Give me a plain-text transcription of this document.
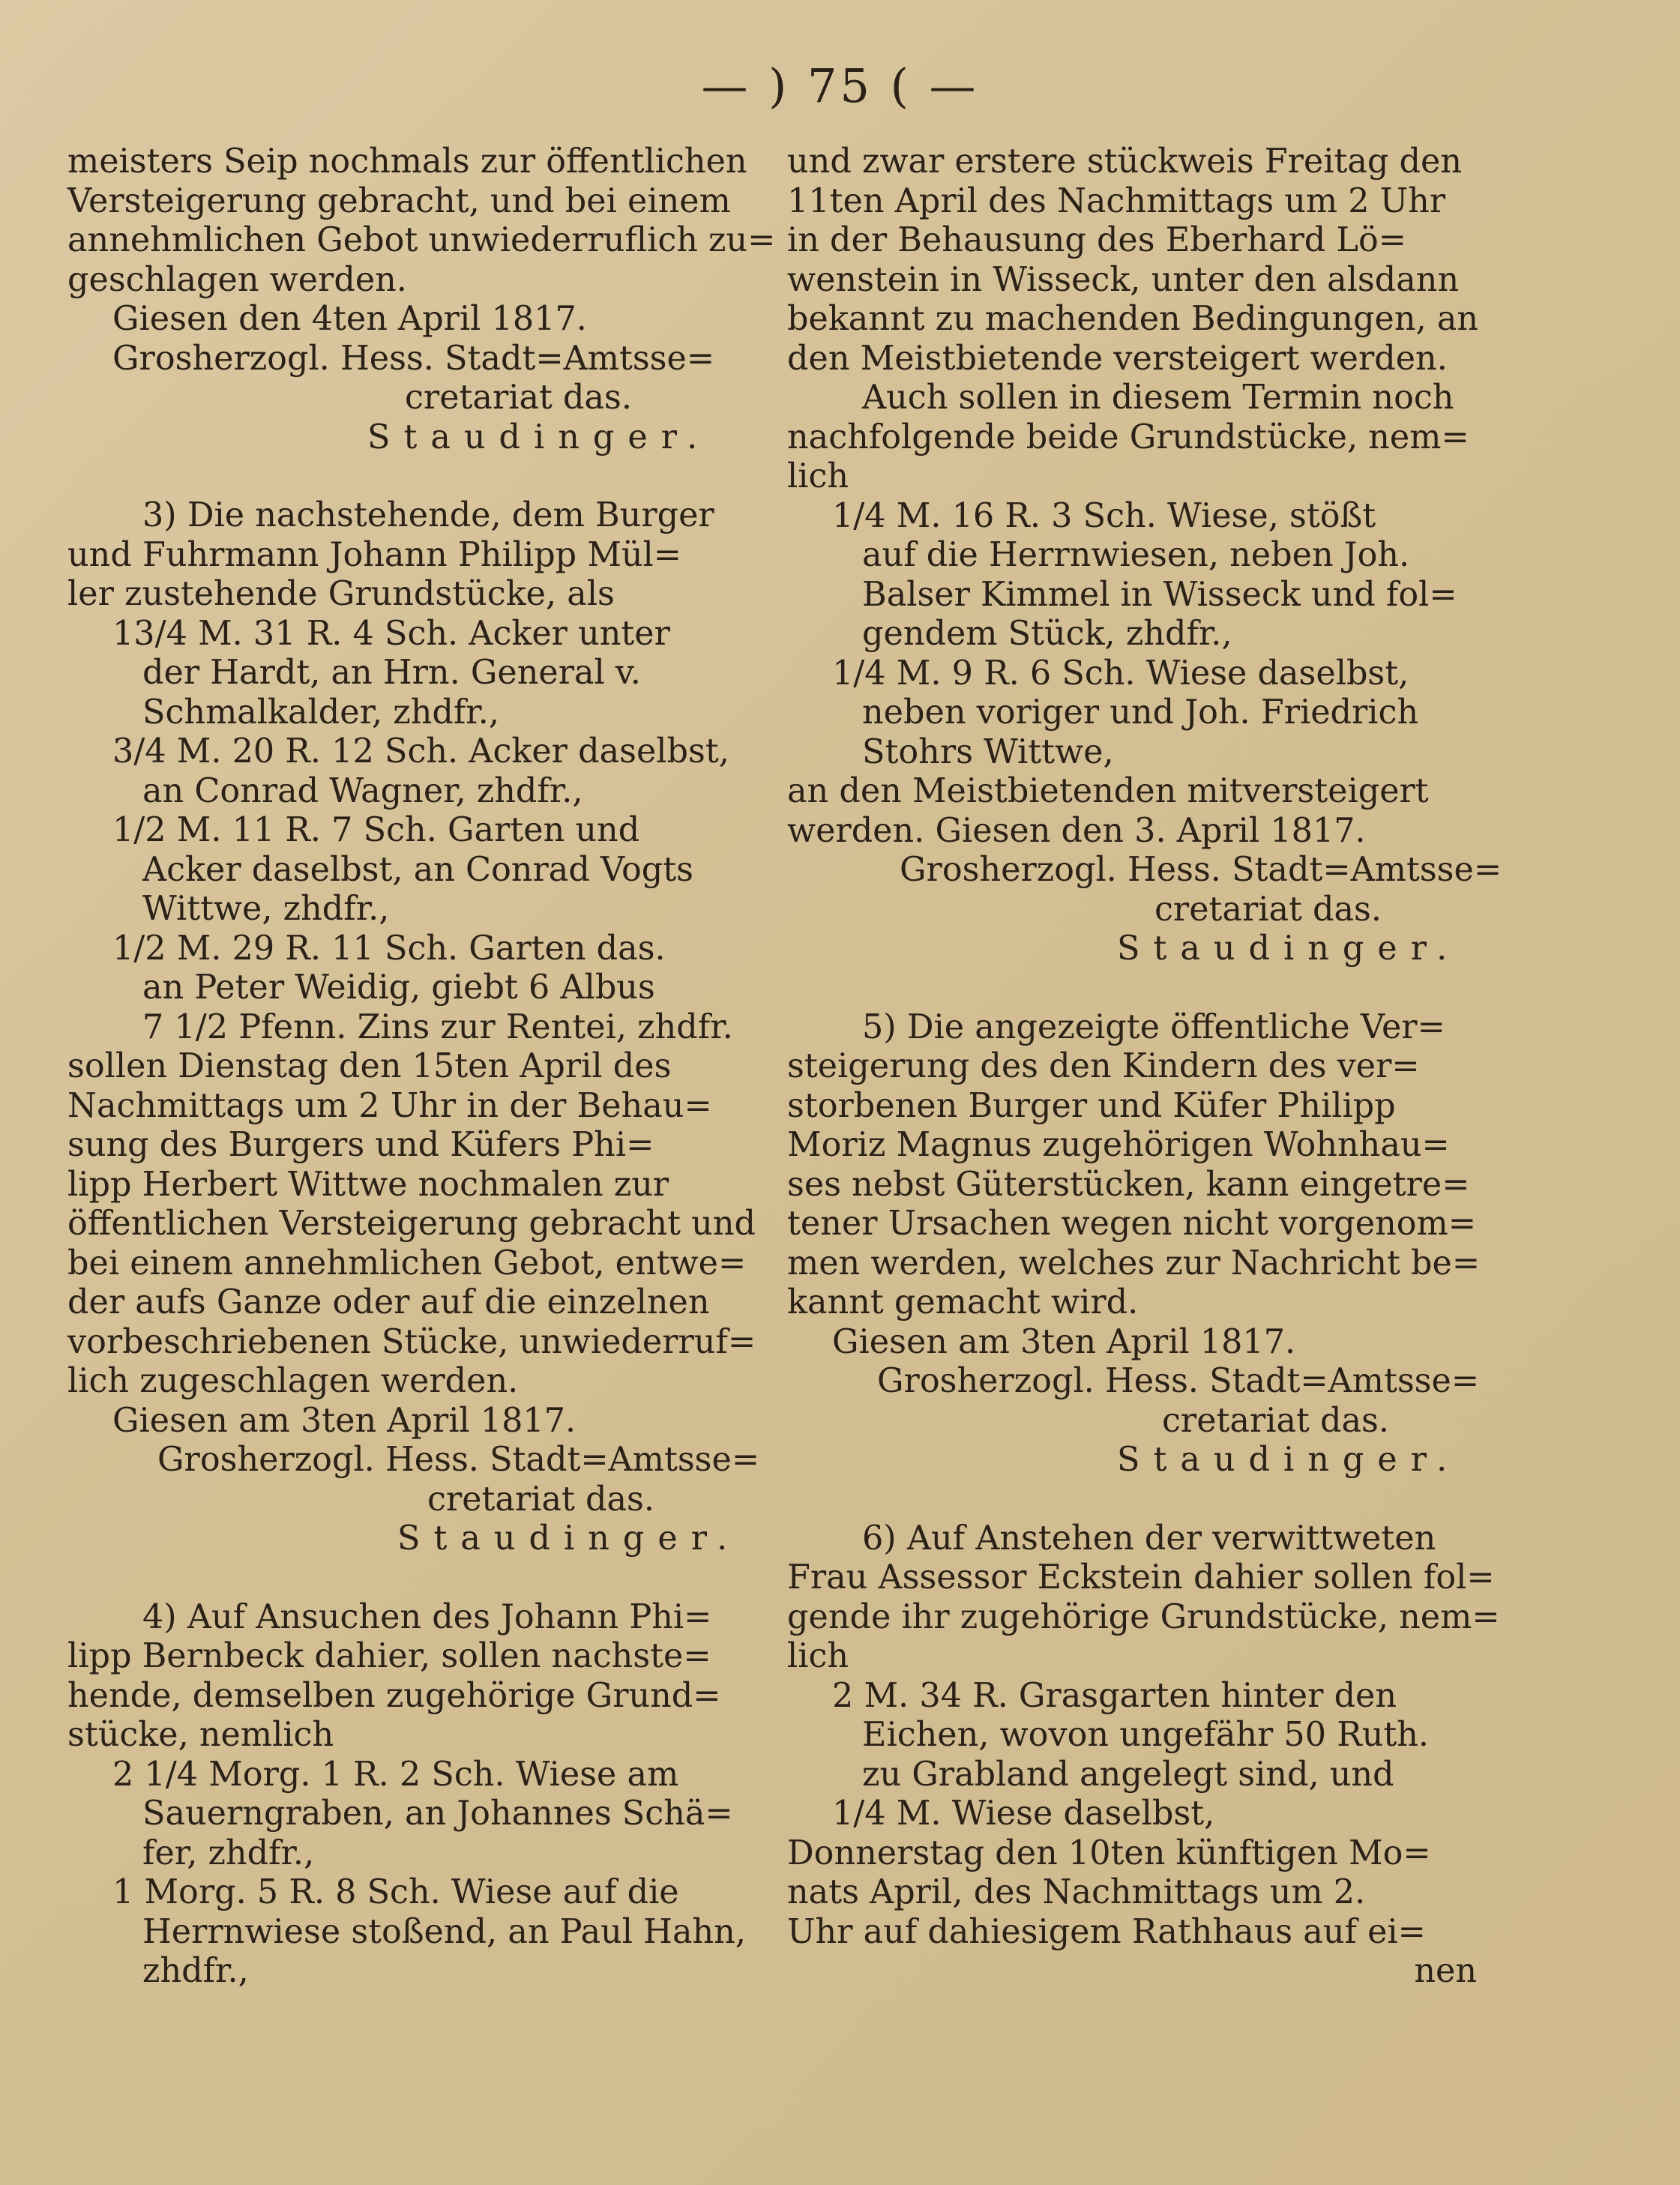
— ) 75 ( —
meisters Seip nochmals zur öffentlichen
Versteigerung gebracht, und bei einem
annehmlichen Gebot unwiederruflich zu=
geschlagen werden.
Giesen den 4ten April 1817.
Grosherzogl. Hess. Stadt=Amtsse=
cretariat das.
Staudinger.
3) Die nachstehende, dem Burger
und Fuhrmann Johann Philipp Mül=
ler zustehende Grundstücke, als
13/4 M. 31 R. 4 Sch. Acker unter
der Hardt, an Hrn. General v.
Schmalkalder, zhdfr.,
3/4 M. 20 R. 12 Sch. Acker daselbst,
an Conrad Wagner, zhdfr.,
1/2 M. 11 R. 7 Sch. Garten und
Acker daselbst, an Conrad Vogts
Wittwe, zhdfr.,
1/2 M. 29 R. 11 Sch. Garten das.
an Peter Weidig, giebt 6 Albus
7 1/2 Pfenn. Zins zur Rentei, zhdfr.
sollen Dienstag den 15ten April des
Nachmittags um 2 Uhr in der Behau=
sung des Burgers und Küfers Phi=
lipp Herbert Wittwe nochmalen zur
öffentlichen Versteigerung gebracht und
bei einem annehmlichen Gebot, entwe=
der aufs Ganze oder auf die einzelnen
vorbeschriebenen Stücke, unwiederruf=
lich zugeschlagen werden.
Giesen am 3ten April 1817.
Grosherzogl. Hess. Stadt=Amtsse=
cretariat das.
Staudinger.
4) Auf Ansuchen des Johann Phi=
lipp Bernbeck dahier, sollen nachste=
hende, demselben zugehörige Grund=
stücke, nemlich
2 1/4 Morg. 1 R. 2 Sch. Wiese am
Sauerngraben, an Johannes Schä=
fer, zhdfr.,
1 Morg. 5 R. 8 Sch. Wiese auf die
Herrnwiese stoßend, an Paul Hahn,
zhdfr.,
und zwar erstere stückweis Freitag den
11ten April des Nachmittags um 2 Uhr
in der Behausung des Eberhard Lö=
wenstein in Wisseck, unter den alsdann
bekannt zu machenden Bedingungen, an
den Meistbietende versteigert werden.
Auch sollen in diesem Termin noch
nachfolgende beide Grundstücke, nem=
lich
1/4 M. 16 R. 3 Sch. Wiese, stößt
auf die Herrnwiesen, neben Joh.
Balser Kimmel in Wisseck und fol=
gendem Stück, zhdfr.,
1/4 M. 9 R. 6 Sch. Wiese daselbst,
neben voriger und Joh. Friedrich
Stohrs Wittwe,
an den Meistbietenden mitversteigert
werden. Giesen den 3. April 1817.
Grosherzogl. Hess. Stadt=Amtsse=
cretariat das.
Staudinger.
5) Die angezeigte öffentliche Ver=
steigerung des den Kindern des ver=
storbenen Burger und Küfer Philipp
Moriz Magnus zugehörigen Wohnhau=
ses nebst Güterstücken, kann eingetre=
tener Ursachen wegen nicht vorgenom=
men werden, welches zur Nachricht be=
kannt gemacht wird.
Giesen am 3ten April 1817.
Grosherzogl. Hess. Stadt=Amtsse=
cretariat das.
Staudinger.
6) Auf Anstehen der verwittweten
Frau Assessor Eckstein dahier sollen fol=
gende ihr zugehörige Grundstücke, nem=
lich
2 M. 34 R. Grasgarten hinter den
Eichen, wovon ungefähr 50 Ruth.
zu Grabland angelegt sind, und
1/4 M. Wiese daselbst,
Donnerstag den 10ten künftigen Mo=
nats April, des Nachmittags um 2.
Uhr auf dahiesigem Rathhaus auf ei=
nen
